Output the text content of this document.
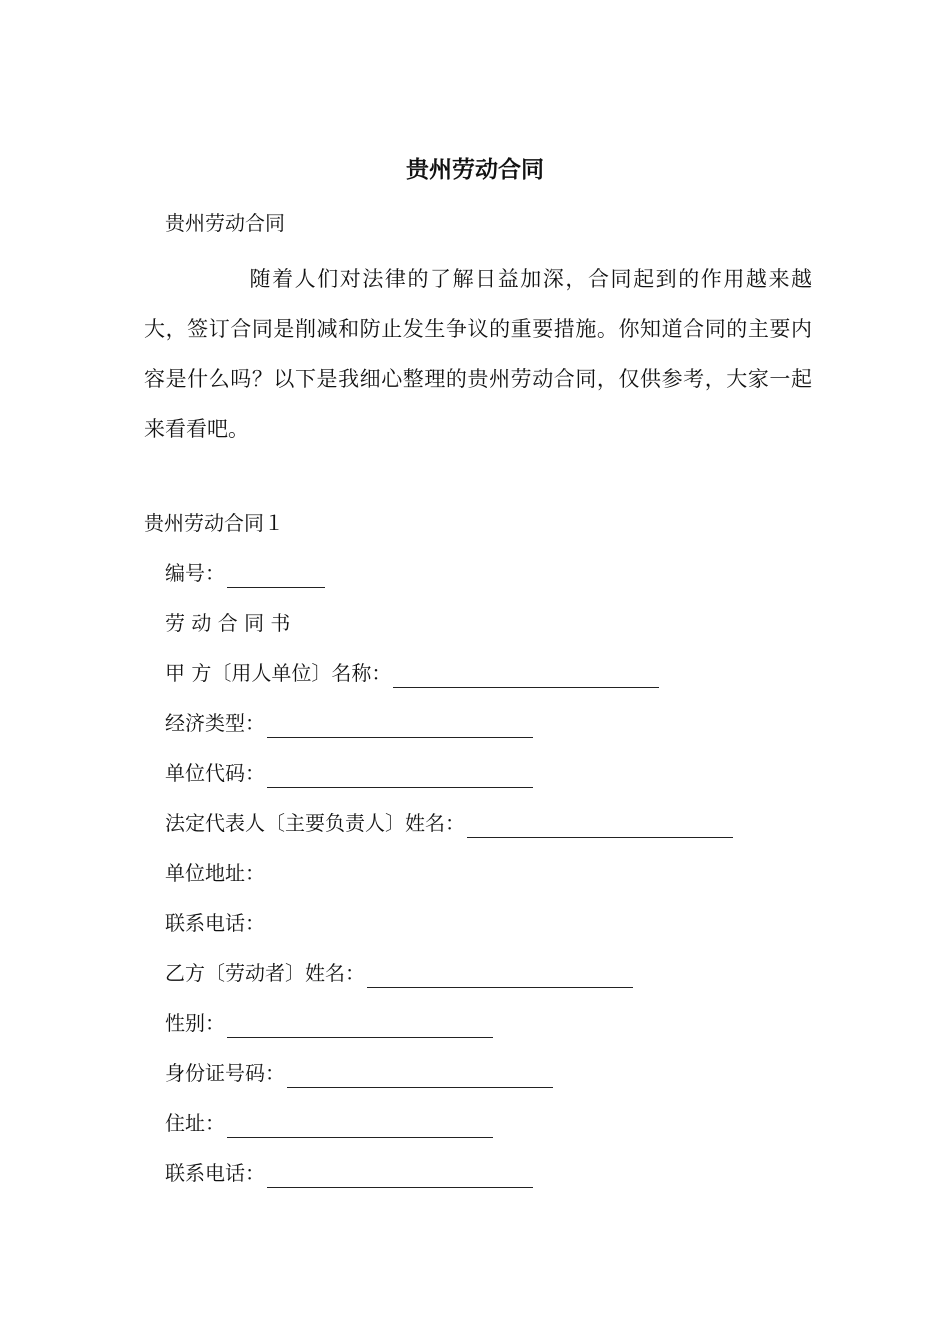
贵州劳动合同
贵州劳动合同
随着人们对法律的了解日益加深，合同起到的作用越来越大，签订合同是削减和防止发生争议的重要措施。你知道合同的主要内容是什么吗？以下是我细心整理的贵州劳动合同，仅供参考，大家一起来看看吧。
贵州劳动合同１
编号：
劳 动 合 同 书
甲 方〔用人单位〕名称：
经济类型：
单位代码：
法定代表人〔主要负责人〕姓名：
单位地址：
联系电话：
乙方〔劳动者〕姓名：
性别：
身份证号码：
住址：
联系电话：
